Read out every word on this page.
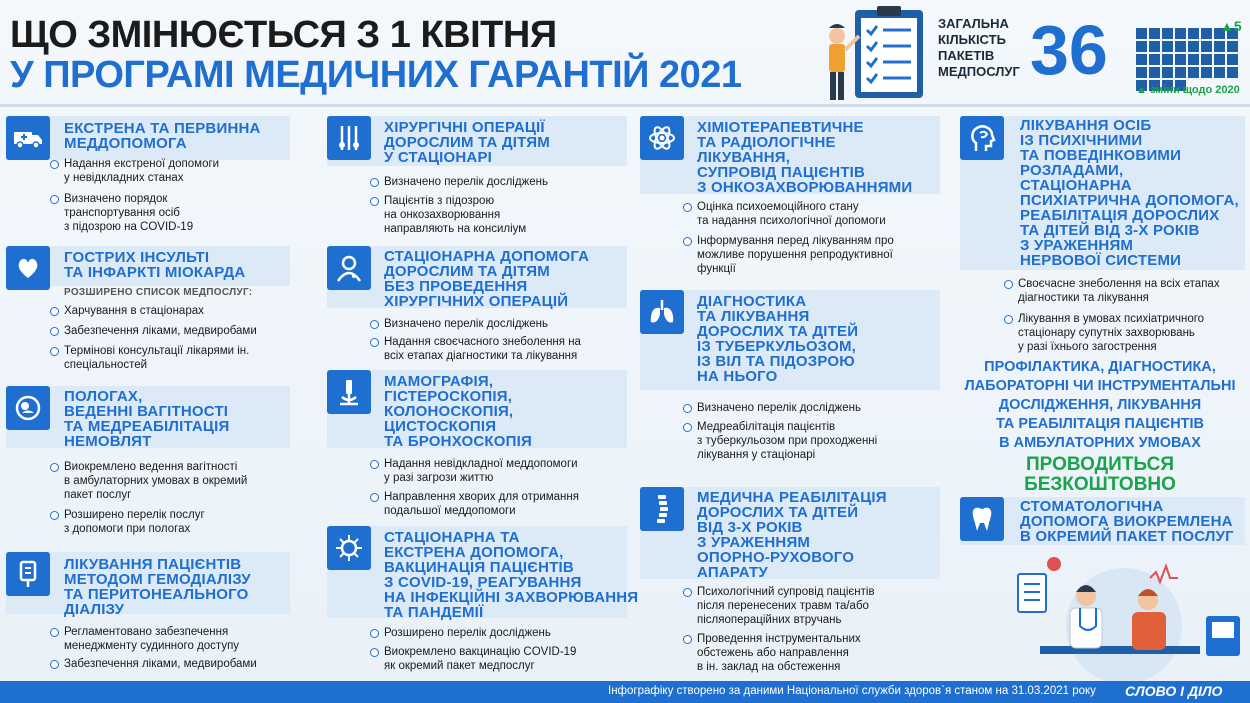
ЩО ЗМІНЮЄТЬСЯ З 1 КВІТНЯ
У ПРОГРАМІ МЕДИЧНИХ ГАРАНТІЙ 2021
ЗАГАЛЬНА
КІЛЬКІСТЬ
ПАКЕТІВ
МЕДПОСЛУГ 36	▲5
▲ зміни щодо 2020
ЕКСТРЕНА ТА ПЕРВИННА
МЕДДОПОМОГА
Надання екстреної допомоги
у невідкладних станах
Визначено порядок
транспортування осіб
з підозрою на COVID-19
ГОСТРИХ ІНСУЛЬТІ
ТА ІНФАРКТІ МІОКАРДА
РОЗШИРЕНО СПИСОК МЕДПОСЛУГ:
Харчування в стаціонарах
Забезпечення ліками, медвиробами
Термінові консультації лікарями ін.
спеціальностей
ПОЛОГАХ,
ВЕДЕННІ ВАГІТНОСТІ
ТА МЕДРЕАБІЛІТАЦІЯ
НЕМОВЛЯТ
Виокремлено ведення вагітності
в амбулаторних умовах в окремий
пакет послуг
Розширено перелік послуг
з допомоги при пологах
ЛІКУВАННЯ ПАЦІЄНТІВ
МЕТОДОМ ГЕМОДІАЛІЗУ
ТА ПЕРИТОНЕАЛЬНОГО
ДІАЛІЗУ
Регламентовано забезпечення
менеджменту судинного доступу
Забезпечення ліками, медвиробами
ХІРУРГІЧНІ ОПЕРАЦІЇ
ДОРОСЛИМ ТА ДІТЯМ
У СТАЦІОНАРІ
Визначено перелік досліджень
Пацієнтів з підозрою
на онкозахворювання
направляють на консиліум
СТАЦІОНАРНА ДОПОМОГА
ДОРОСЛИМ ТА ДІТЯМ
БЕЗ ПРОВЕДЕННЯ
ХІРУРГІЧНИХ ОПЕРАЦІЙ
Визначено перелік досліджень
Надання своєчасного знеболення на
всіх етапах діагностики та лікування
МАМОГРАФІЯ,
ГІСТЕРОСКОПІЯ,
КОЛОНОСКОПІЯ,
ЦИСТОСКОПІЯ
ТА БРОНХОСКОПІЯ
Надання невідкладної меддопомоги
у разі загрози життю
Направлення хворих для отримання
подальшої меддопомоги
СТАЦІОНАРНА ТА
ЕКСТРЕНА ДОПОМОГА,
ВАКЦИНАЦІЯ ПАЦІЄНТІВ
З COVID-19, РЕАГУВАННЯ
НА ІНФЕКЦІЙНІ ЗАХВОРЮВАННЯ
ТА ПАНДЕМІЇ
Розширено перелік досліджень
Виокремлено вакцинацію COVID-19
як окремий пакет медпослуг
ХІМІОТЕРАПЕВТИЧНЕ
ТА РАДІОЛОГІЧНЕ
ЛІКУВАННЯ,
СУПРОВІД ПАЦІЄНТІВ
З ОНКОЗАХВОРЮВАННЯМИ
Оцінка психоемоційного стану
та надання психологічної допомоги
Інформування перед лікуванням про
можливе порушення репродуктивної
функції
ДІАГНОСТИКА
ТА ЛІКУВАННЯ
ДОРОСЛИХ ТА ДІТЕЙ
ІЗ ТУБЕРКУЛЬОЗОМ,
ІЗ ВІЛ ТА ПІДОЗРОЮ
НА НЬОГО
Визначено перелік досліджень
Медреабілітація пацієнтів
з туберкульозом при проходженні
лікування у стаціонарі
МЕДИЧНА РЕАБІЛІТАЦІЯ
ДОРОСЛИХ ТА ДІТЕЙ
ВІД 3-Х РОКІВ
З УРАЖЕННЯМ
ОПОРНО-РУХОВОГО
АПАРАТУ
Психологічний супровід пацієнтів
після перенесених травм та/або
післяопераційних втручань
Проведення інструментальних
обстежень або направлення
в ін. заклад на обстеження
ЛІКУВАННЯ ОСІБ
ІЗ ПСИХІЧНИМИ
ТА ПОВЕДІНКОВИМИ
РОЗЛАДАМИ,
СТАЦІОНАРНА
ПСИХІАТРИЧНА ДОПОМОГА,
РЕАБІЛІТАЦІЯ ДОРОСЛИХ
ТА ДІТЕЙ ВІД 3-Х РОКІВ
З УРАЖЕННЯМ
НЕРВОВОЇ СИСТЕМИ
Своєчасне знеболення на всіх етапах
діагностики та лікування
Лікування в умовах психіатричного
стаціонару супутніх захворювань
у разі їхнього загострення
ПРОФІЛАКТИКА, ДІАГНОСТИКА,
ЛАБОРАТОРНІ ЧИ ІНСТРУМЕНТАЛЬНІ
ДОСЛІДЖЕННЯ, ЛІКУВАННЯ
ТА РЕАБІЛІТАЦІЯ ПАЦІЄНТІВ
В АМБУЛАТОРНИХ УМОВАХ
ПРОВОДИТЬСЯ
БЕЗКОШТОВНО
СТОМАТОЛОГІЧНА
ДОПОМОГА ВИОКРЕМЛЕНА
В ОКРЕМИЙ ПАКЕТ ПОСЛУГ
Інфографіку створено за даними Національної служби здоров`я станом на 31.03.2021 року СЛОВО І ДІЛО
